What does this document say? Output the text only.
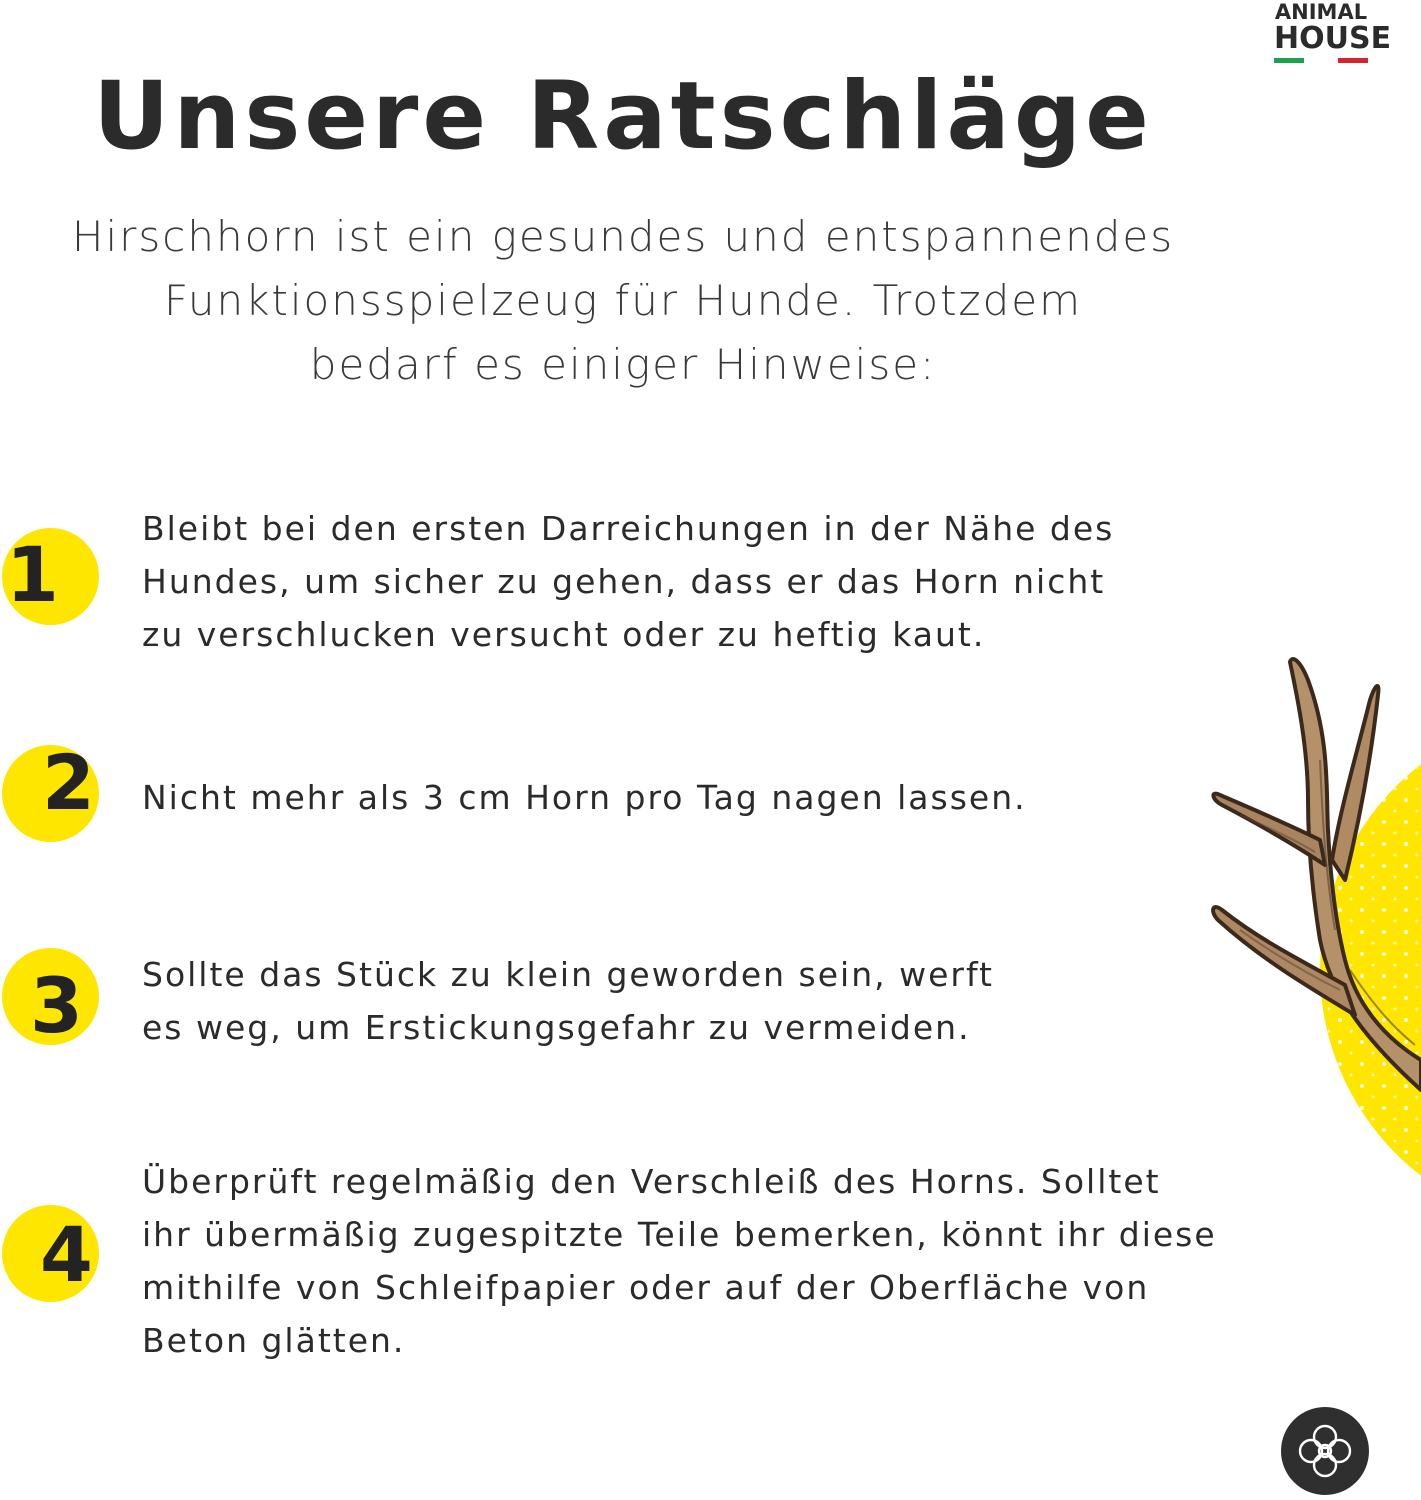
ANIMAL
HOUSE
Unsere Ratschläge

Hirschhorn ist ein gesundes und entspannendes
Funktionsspielzeug für Hunde. Trotzdem
bedarf es einiger Hinweise:

1

Bleibt bei den ersten Darreichungen in der Nähe des
Hundes, um sicher zu gehen, dass er das Horn nicht
zu verschlucken versucht oder zu heftig kaut.

2 Nicht mehr als 3 cm Horn pro Tag nagen lassen.

3 Sollte das Stück zu klein geworden sein, werft
es weg, um Erstickungsgefahr zu vermeiden.

4

Überprüft regelmäßig den Verschleiß des Horns. Solltet
ihr übermäßig zugespitzte Teile bemerken, könnt ihr diese
mithilfe von Schleifpapier oder auf der Oberfläche von
Beton glätten.
